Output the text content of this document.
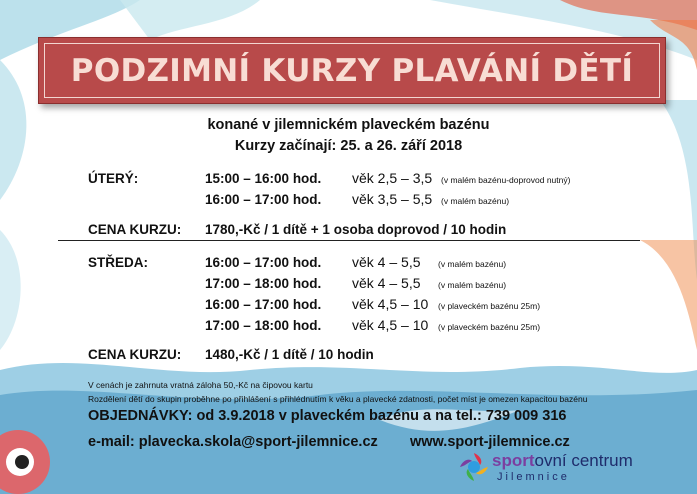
PODZIMNÍ KURZY PLAVÁNÍ DĚTÍ
konané v jilemnickém plaveckém bazénu
Kurzy začínají: 25. a 26. září 2018
ÚTERÝ:	15:00 – 16:00 hod. věk 2,5 – 3,5 (v malém bazénu-doprovod nutný)
16:00 – 17:00 hod. věk 3,5 – 5,5 (v malém bazénu)
CENA KURZU: 1780,-Kč / 1 dítě + 1 osoba doprovod / 10 hodin
STŘEDA:	16:00 – 17:00 hod. věk 4 – 5,5 (v malém bazénu)
17:00 – 18:00 hod. věk 4 – 5,5 (v malém bazénu)
16:00 – 17:00 hod. věk 4,5 – 10 (v plaveckém bazénu 25m)
17:00 – 18:00 hod. věk 4,5 – 10 (v plaveckém bazénu 25m)
CENA KURZU: 1480,-Kč / 1 dítě / 10 hodin
V cenách je zahrnuta vratná záloha 50,-Kč na čipovou kartu
Rozdělení dětí do skupin proběhne po přihlášení s přihlédnutím k věku a plavecké zdatnosti, počet míst je omezen kapacitou bazénu
OBJEDNÁVKY: od 3.9.2018 v plaveckém bazénu a na tel.: 739 009 316
e-mail: plavecka.skola@sport-jilemnice.cz www.sport-jilemnice.cz
sportovní centrum
Jilemnice
